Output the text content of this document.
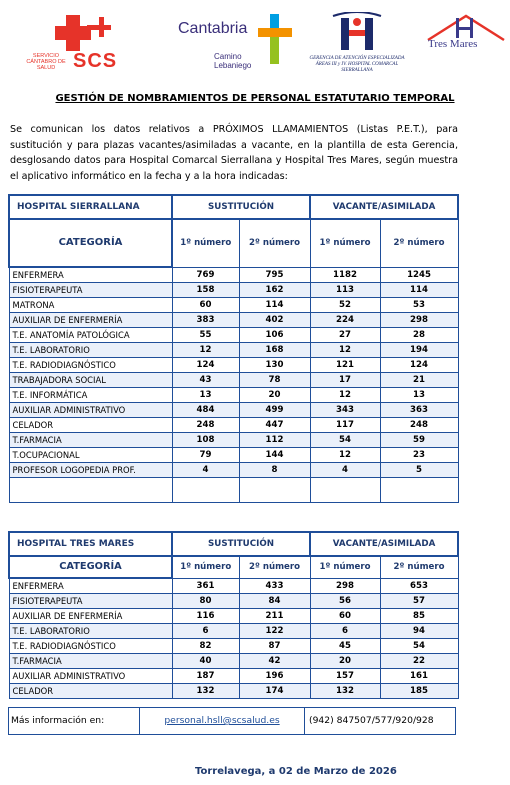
SERVICIO CÁNTABRO DE SALUD SCS
Cantabria
Camino Lebaniego
GERENCIA DE ATENCIÓN ESPECIALIZADA ÁREAS III y IV. HOSPITAL COMARCAL SIERRALLANA
Tres Mares
GESTIÓN DE NOMBRAMIENTOS DE PERSONAL ESTATUTARIO TEMPORAL
Se comunican los datos relativos a PRÓXIMOS LLAMAMIENTOS (Listas P.E.T.), para sustitución y para plazas vacantes/asimiladas a vacante, en la plantilla de esta Gerencia, desglosando datos para Hospital Comarcal Sierrallana y Hospital Tres Mares, según muestra el aplicativo informático en la fecha y a la hora indicadas:
HOSPITAL SIERRALLANA	SUSTITUCIÓN		VACANTE/ASIMILADA	
CATEGORÍA	1º número	2º número	1º número	2º número
ENFERMERA	769	795	1182	1245
FISIOTERAPEUTA	158	162	113	114
MATRONA	60	114	52	53
AUXILIAR DE ENFERMERÍA	383	402	224	298
T.E. ANATOMÍA PATOLÓGICA	55	106	27	28
T.E. LABORATORIO	12	168	12	194
T.E. RADIODIAGNÓSTICO	124	130	121	124
TRABAJADORA SOCIAL	43	78	17	21
T.E. INFORMÁTICA	13	20	12	13
AUXILIAR ADMINISTRATIVO	484	499	343	363
CELADOR	248	447	117	248
T.FARMACIA	108	112	54	59
T.OCUPACIONAL	79	144	12	23
PROFESOR LOGOPEDIA PROF.	4	8	4	5

HOSPITAL TRES MARES	SUSTITUCIÓN		VACANTE/ASIMILADA	
CATEGORÍA	1º número	2º número	1º número	2º número
ENFERMERA	361	433	298	653
FISIOTERAPEUTA	80	84	56	57
AUXILIAR DE ENFERMERÍA	116	211	60	85
T.E. LABORATORIO	6	122	6	94
T.E. RADIODIAGNÓSTICO	82	87	45	54
T.FARMACIA	40	42	20	22
AUXILIAR ADMINISTRATIVO	187	196	157	161
CELADOR	132	174	132	185
Más información en:	personal.hsll@scsalud.es	(942) 847507/577/920/928
Torrelavega, a 02 de Marzo de 2026
